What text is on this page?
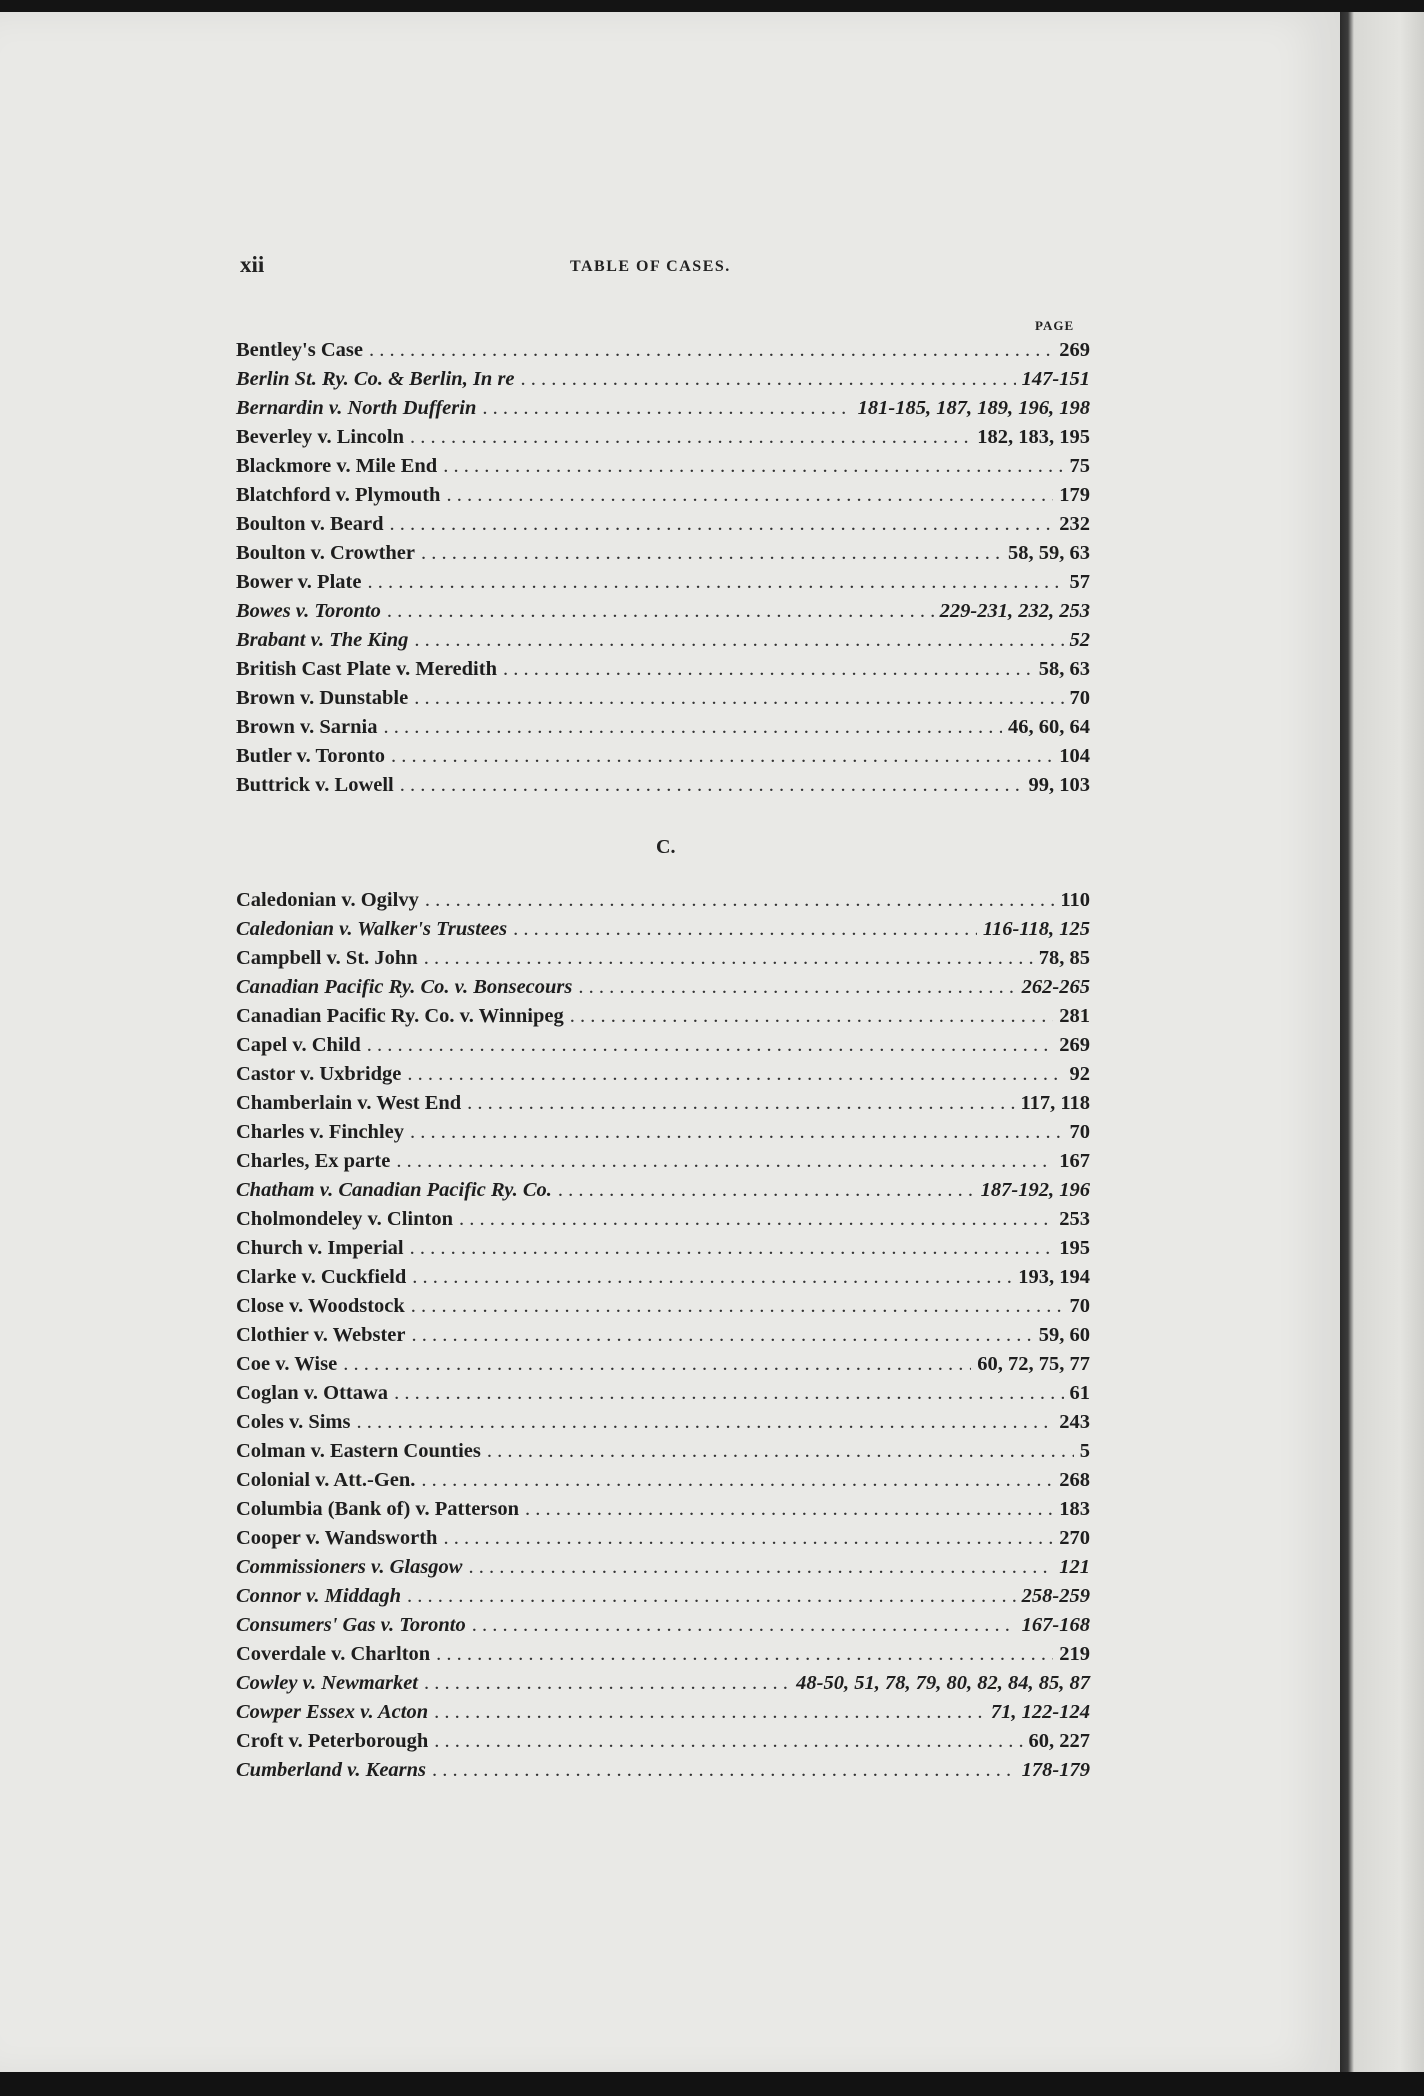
xii	TABLE OF CASES.
PAGE
Bentley's Case . . .	269
Berlin St. Ry. Co. & Berlin, In re . . .	147-151
Bernardin v. North Dufferin . . .	181-185, 187, 189, 196, 198
Beverley v. Lincoln . . .	182, 183, 195
Blackmore v. Mile End . . .	75
Blatchford v. Plymouth . . .	179
Boulton v. Beard . . .	232
Boulton v. Crowther . . .	58, 59, 63
Bower v. Plate . . .	57
Bowes v. Toronto . . .	229-231, 232, 253
Brabant v. The King . . .	52
British Cast Plate v. Meredith . . .	58, 63
Brown v. Dunstable . . .	70
Brown v. Sarnia . . .	46, 60, 64
Butler v. Toronto . . .	104
Buttrick v. Lowell . . .	99, 103
C.
Caledonian v. Ogilvy . . .	110
Caledonian v. Walker's Trustees . . .	116-118, 125
Campbell v. St. John . . .	78, 85
Canadian Pacific Ry. Co. v. Bonsecours . . .	262-265
Canadian Pacific Ry. Co. v. Winnipeg . . .	281
Capel v. Child . . .	269
Castor v. Uxbridge . . .	92
Chamberlain v. West End . . .	117, 118
Charles v. Finchley . . .	70
Charles, Ex parte . . .	167
Chatham v. Canadian Pacific Ry. Co. . . .	187-192, 196
Cholmondeley v. Clinton . . .	253
Church v. Imperial . . .	195
Clarke v. Cuckfield . . .	193, 194
Close v. Woodstock . . .	70
Clothier v. Webster . . .	59, 60
Coe v. Wise . . .	60, 72, 75, 77
Coglan v. Ottawa . . .	61
Coles v. Sims . . .	243
Colman v. Eastern Counties . . .	5
Colonial v. Att.-Gen. . . .	268
Columbia (Bank of) v. Patterson . . .	183
Cooper v. Wandsworth . . .	270
Commissioners v. Glasgow . . .	121
Connor v. Middagh . . .	258-259
Consumers' Gas v. Toronto . . .	167-168
Coverdale v. Charlton . . .	219
Cowley v. Newmarket . . .	48-50, 51, 78, 79, 80, 82, 84, 85, 87
Cowper Essex v. Acton . . .	71, 122-124
Croft v. Peterborough . . .	60, 227
Cumberland v. Kearns . . .	178-179
